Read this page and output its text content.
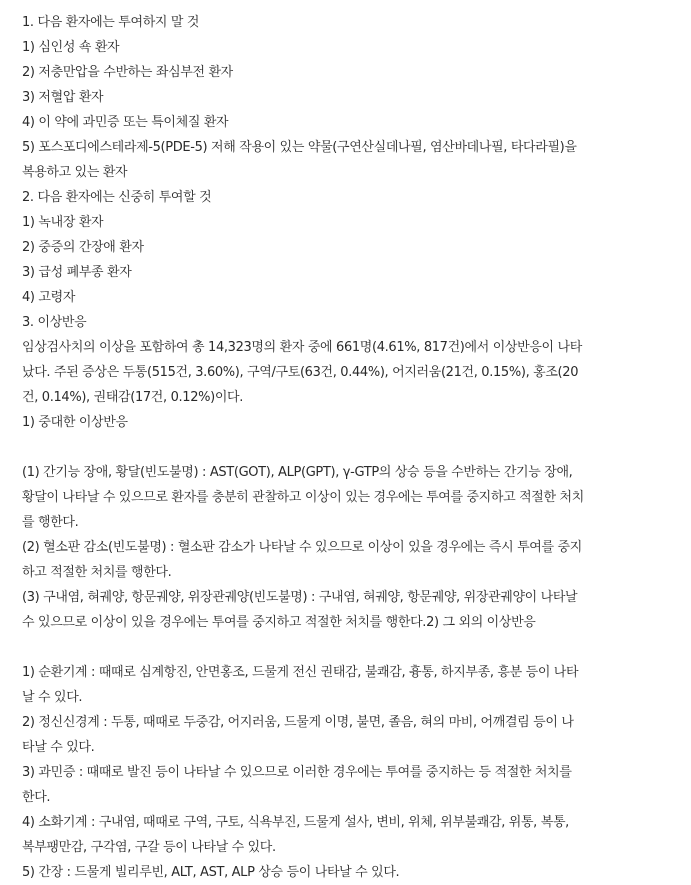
1. 다음 환자에는 투여하지 말 것
1) 심인성 쇽 환자
2) 저충만압을 수반하는 좌심부전 환자
3) 저혈압 환자
4) 이 약에 과민증 또는 특이체질 환자
5) 포스포디에스테라제-5(PDE-5) 저해 작용이 있는 약물(구연산실데나필, 염산바데나필, 타다라필)을
복용하고 있는 환자
2. 다음 환자에는 신중히 투여할 것
1) 녹내장 환자
2) 중증의 간장애 환자
3) 급성 폐부종 환자
4) 고령자
3. 이상반응
임상검사치의 이상을 포함하여 총 14,323명의 환자 중에 661명(4.61%, 817건)에서 이상반응이 나타
났다. 주된 증상은 두통(515건, 3.60%), 구역/구토(63건, 0.44%), 어지러움(21건, 0.15%), 홍조(20
건, 0.14%), 권태감(17건, 0.12%)이다.
1) 중대한 이상반응
(1) 간기능 장애, 황달(빈도불명) : AST(GOT), ALP(GPT), γ-GTP의 상승 등을 수반하는 간기능 장애,
황달이 나타날 수 있으므로 환자를 충분히 관찰하고 이상이 있는 경우에는 투여를 중지하고 적절한 처치
를 행한다.
(2) 혈소판 감소(빈도불명) : 혈소판 감소가 나타날 수 있으므로 이상이 있을 경우에는 즉시 투여를 중지
하고 적절한 처치를 행한다.
(3) 구내염, 혀궤양, 항문궤양, 위장관궤양(빈도불명) : 구내염, 혀궤양, 항문궤양, 위장관궤양이 나타날
수 있으므로 이상이 있을 경우에는 투여를 중지하고 적절한 처치를 행한다.2) 그 외의 이상반응
1) 순환기계 : 때때로 심계항진, 안면홍조, 드물게 전신 권태감, 불쾌감, 흉통, 하지부종, 흥분 등이 나타
날 수 있다.
2) 정신신경계 : 두통, 때때로 두중감, 어지러움, 드물게 이명, 불면, 졸음, 혀의 마비, 어깨결림 등이 나
타날 수 있다.
3) 과민증 : 때때로 발진 등이 나타날 수 있으므로 이러한 경우에는 투여를 중지하는 등 적절한 처치를
한다.
4) 소화기계 : 구내염, 때때로 구역, 구토, 식욕부진, 드물게 설사, 변비, 위체, 위부불쾌감, 위통, 복통,
복부팽만감, 구각염, 구갈 등이 나타날 수 있다.
5) 간장 : 드물게 빌리루빈, ALT, AST, ALP 상승 등이 나타날 수 있다.
